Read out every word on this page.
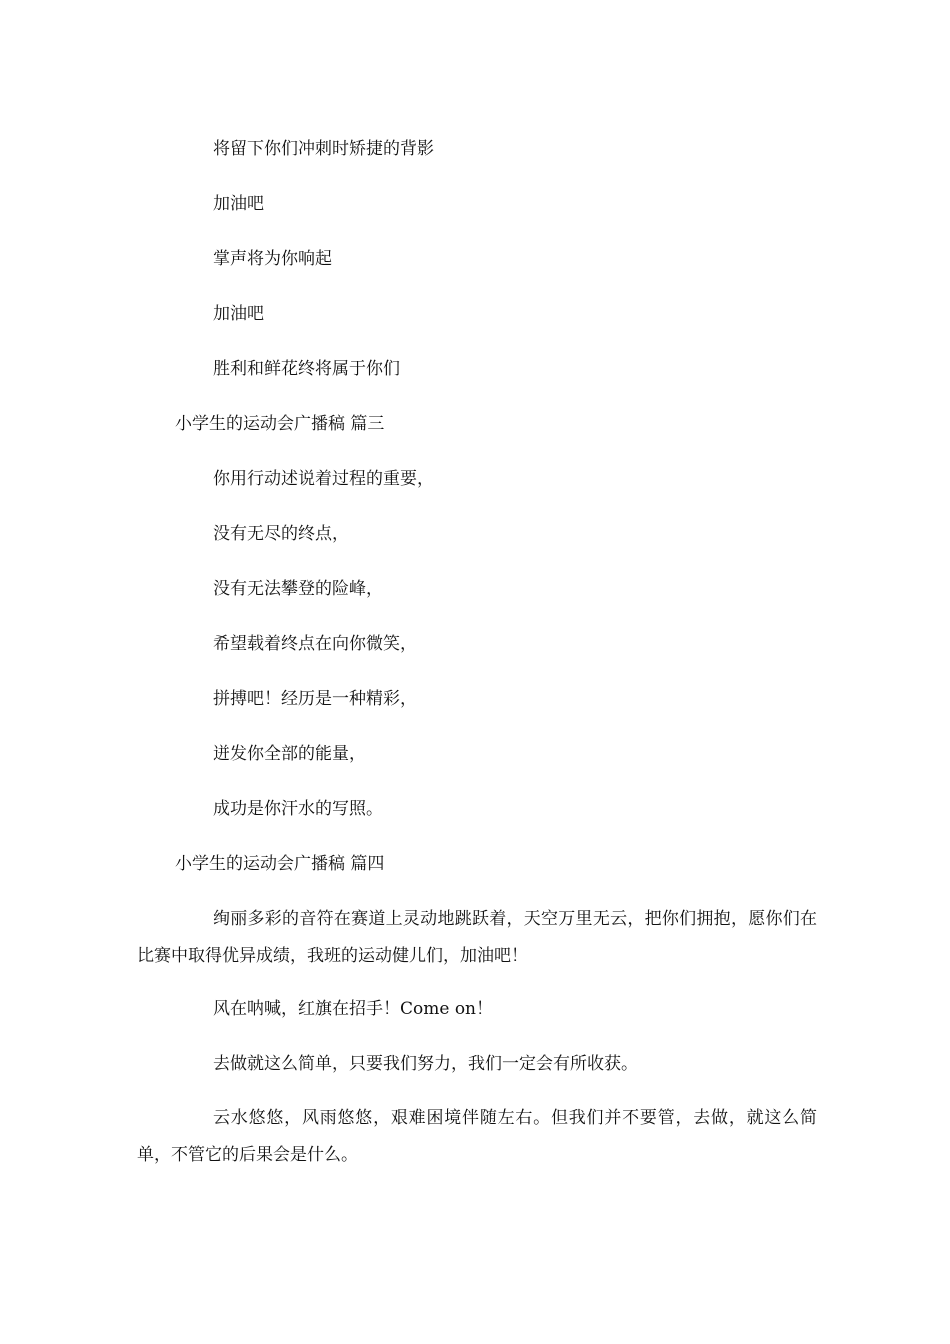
将留下你们冲刺时矫捷的背影

加油吧

掌声将为你响起

加油吧

胜利和鲜花终将属于你们

小学生的运动会广播稿 篇三

你用行动述说着过程的重要，

没有无尽的终点，

没有无法攀登的险峰，

希望载着终点在向你微笑，

拼搏吧！经历是一种精彩，

迸发你全部的能量，

成功是你汗水的写照。

小学生的运动会广播稿 篇四

绚丽多彩的音符在赛道上灵动地跳跃着，天空万里无云，把你们拥抱，愿你们在比赛中取得优异成绩，我班的运动健儿们，加油吧！

风在呐喊，红旗在招手！Come on！

去做就这么简单，只要我们努力，我们一定会有所收获。

云水悠悠，风雨悠悠，艰难困境伴随左右。但我们并不要管，去做，就这么简单，不管它的后果会是什么。
